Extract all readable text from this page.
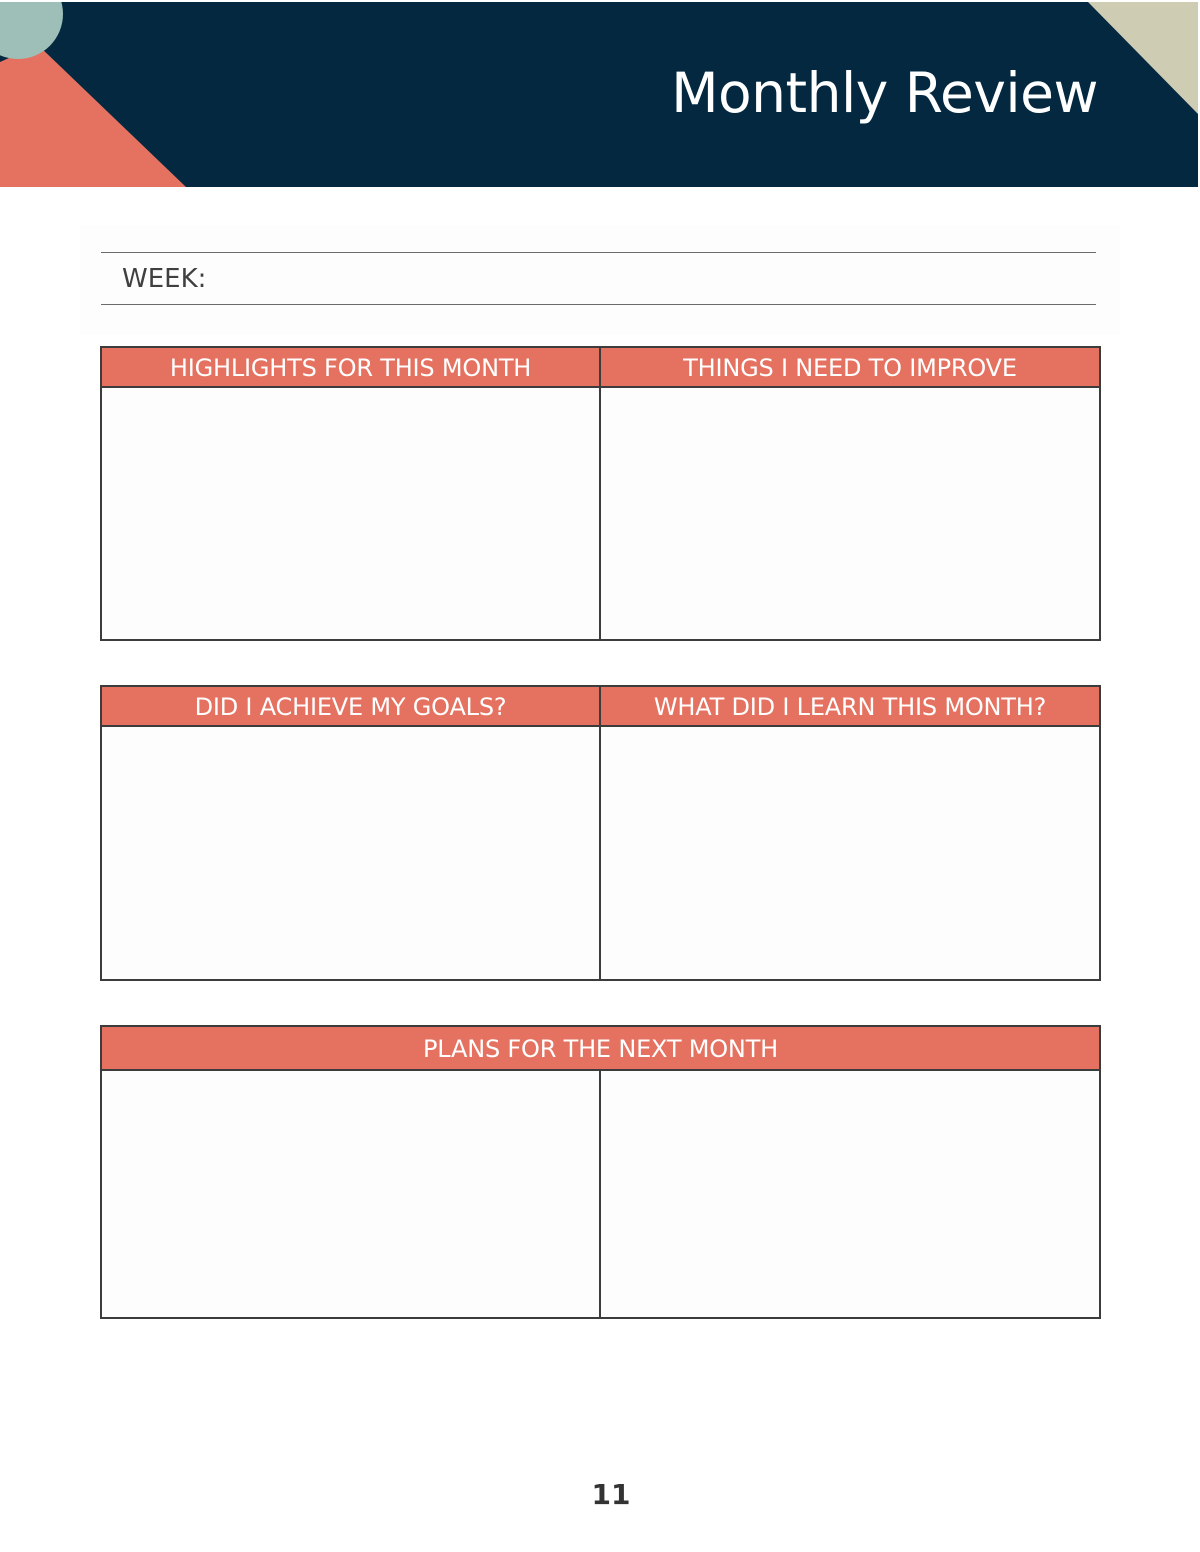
Monthly Review
WEEK:
HIGHLIGHTS FOR THIS MONTH	THINGS I NEED TO IMPROVE
DID I ACHIEVE MY GOALS?	WHAT DID I LEARN THIS MONTH?
PLANS FOR THE NEXT MONTH
11
